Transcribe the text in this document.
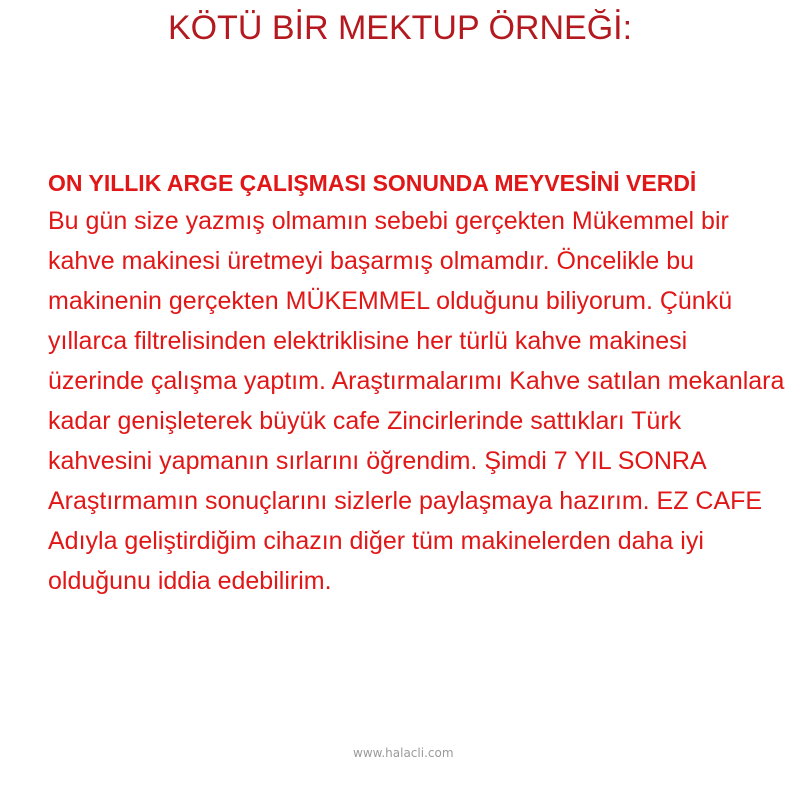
KÖTÜ BİR MEKTUP ÖRNEĞİ:

ON YILLIK ARGE ÇALIŞMASI SONUNDA MEYVESİNİ VERDİ

Bu gün size yazmış olmamın sebebi gerçekten Mükemmel bir

kahve makinesi üretmeyi başarmış olmamdır. Öncelikle bu

makinenin gerçekten MÜKEMMEL olduğunu biliyorum. Çünkü

yıllarca filtrelisinden elektriklisine her türlü kahve makinesi

üzerinde çalışma yaptım. Araştırmalarımı Kahve satılan mekanlara

kadar genişleterek büyük cafe Zincirlerinde sattıkları Türk

kahvesini yapmanın sırlarını öğrendim. Şimdi 7 YIL SONRA

Araştırmamın sonuçlarını sizlerle paylaşmaya hazırım. EZ CAFE

Adıyla geliştirdiğim cihazın diğer tüm makinelerden daha iyi

olduğunu iddia edebilirim.

www.halacli.com
